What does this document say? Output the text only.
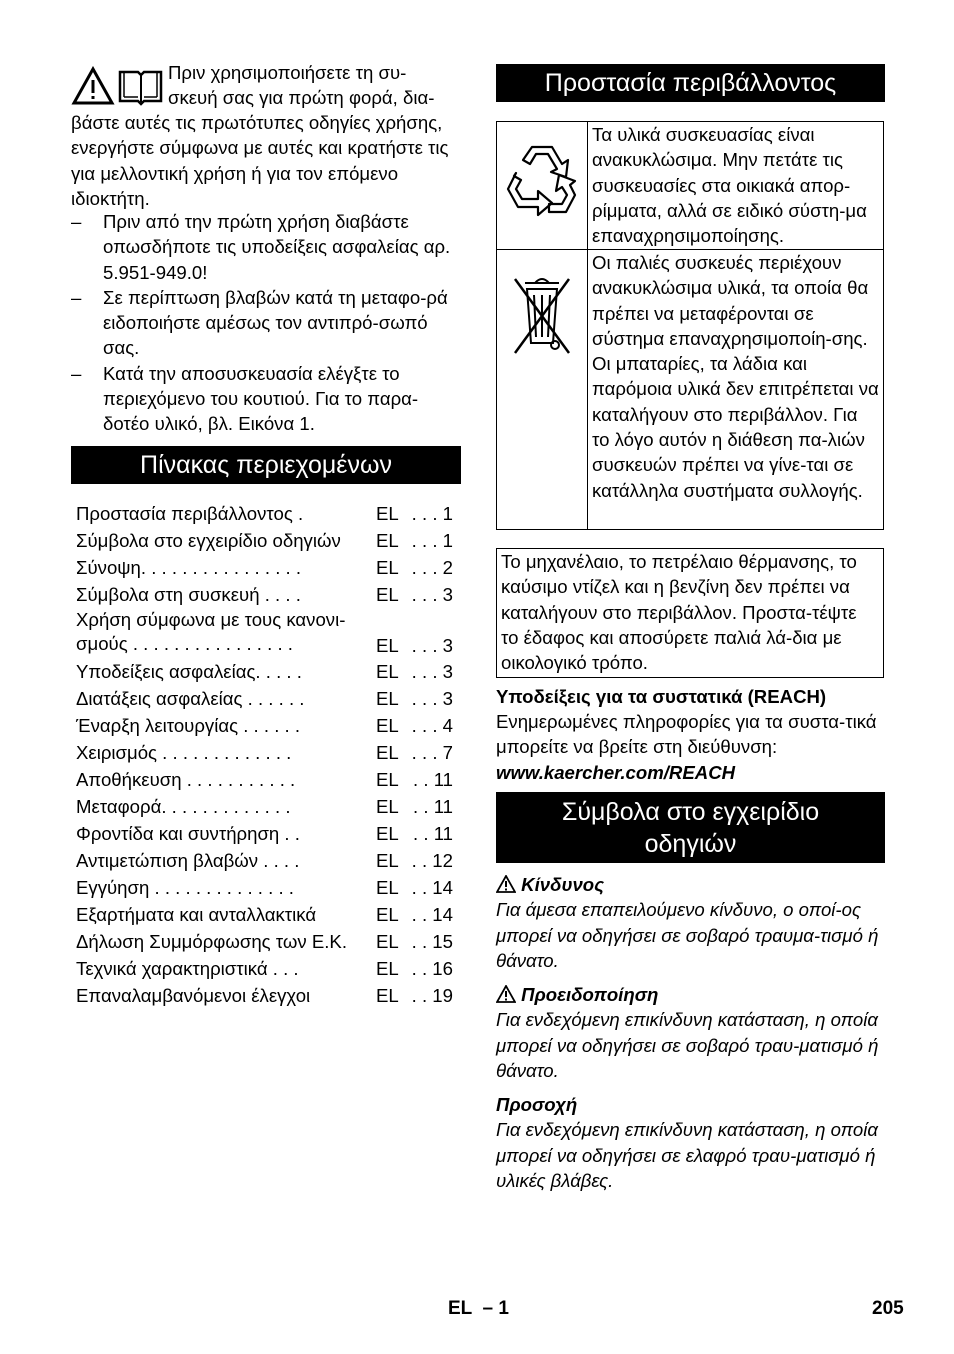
Πριν χρησιμοποιήσετε τη συ-
σκευή σας για πρώτη φορά, δια-
βάστε αυτές τις πρωτότυπες οδηγίες χρήσης, ενεργήστε σύμφωνα με αυτές και κρατήστε τις για μελλοντική χρήση ή για τον επόμενο ιδιοκτήτη.
– Πριν από την πρώτη χρήση διαβάστε οπωσδήποτε τις υποδείξεις ασφαλείας αρ. 5.951-949.0!
– Σε περίπτωση βλαβών κατά τη μεταφο-ρά ειδοποιήστε αμέσως τον αντιπρό-σωπό σας.
– Κατά την αποσυσκευασία ελέγξτε το περιεχόμενο του κουτιού. Για το παρα-δοτέο υλικό, βλ. Εικόνα 1.
Πίνακας περιεχομένων
Προστασία περιβάλλοντος .	EL . . . 1
Σύμβολα στο εγχειρίδιο οδηγιών EL . . . 1
Σύνοψη. . . . . . . . . . . . . . . .	EL . . . 2
Σύμβολα στη συσκευή . . . .	EL . . . 3
Χρήση σύμφωνα με τους κανονι-
σμούς . . . . . . . . . . . . . . . .	EL . . . 3
Υποδείξεις ασφαλείας. . . . .	EL . . . 3
Διατάξεις ασφαλείας . . . . . .	EL . . . 3
Έναρξη λειτουργίας . . . . . .	EL . . . 4
Χειρισμός . . . . . . . . . . . . .	EL . . . 7
Αποθήκευση . . . . . . . . . . .	EL . . 11
Μεταφορά. . . . . . . . . . . . .	EL . . 11
Φροντίδα και συντήρηση . .	EL . . 11
Αντιμετώπιση βλαβών . . . .	EL . . 12
Εγγύηση . . . . . . . . . . . . . .	EL . . 14
Εξαρτήματα και ανταλλακτικά	EL . . 14
Δήλωση Συμμόρφωσης των Ε.Κ. EL . . 15
Τεχνικά χαρακτηριστικά . . .	EL . . 16
Επαναλαμβανόμενοι έλεγχοι	EL . . 19
Προστασία περιβάλλοντος
	Τα υλικά συσκευασίας είναι ανακυκλώσιμα. Μην πετάτε τις συσκευασίες στα οικιακά απορ-ρίμματα, αλλά σε ειδικό σύστη-μα επαναχρησιμοποίησης.
	Οι παλιές συσκευές περιέχουν ανακυκλώσιμα υλικά, τα οποία θα πρέπει να μεταφέρονται σε σύστημα επαναχρησιμοποίη-σης. Οι μπαταρίες, τα λάδια και παρόμοια υλικά δεν επιτρέπεται να καταλήγουν στο περιβάλλον. Για το λόγο αυτόν η διάθεση πα-λιών συσκευών πρέπει να γίνε-ται σε κατάλληλα συστήματα συλλογής.
Το μηχανέλαιο, το πετρέλαιο θέρμανσης, το καύσιμο ντίζελ και η βενζίνη δεν πρέπει να καταλήγουν στο περιβάλλον. Προστα-τέψτε το έδαφος και αποσύρετε παλιά λά-δια με οικολογικό τρόπο.
Υποδείξεις για τα συστατικά (REACH)
Ενημερωμένες πληροφορίες για τα συστα-τικά μπορείτε να βρείτε στη διεύθυνση:
www.kaercher.com/REACH
Σύμβολα στο εγχειρίδιο οδηγιών
Κίνδυνος
Για άμεσα επαπειλούμενο κίνδυνο, ο οποί-ος μπορεί να οδηγήσει σε σοβαρό τραυμα-τισμό ή θάνατο.
Προειδοποίηση
Για ενδεχόμενη επικίνδυνη κατάσταση, η οποία μπορεί να οδηγήσει σε σοβαρό τραυ-ματισμό ή θάνατο.
Προσοχή
Για ενδεχόμενη επικίνδυνη κατάσταση, η οποία μπορεί να οδηγήσει σε ελαφρό τραυ-ματισμό ή υλικές βλάβες.
EL  – 1	205
